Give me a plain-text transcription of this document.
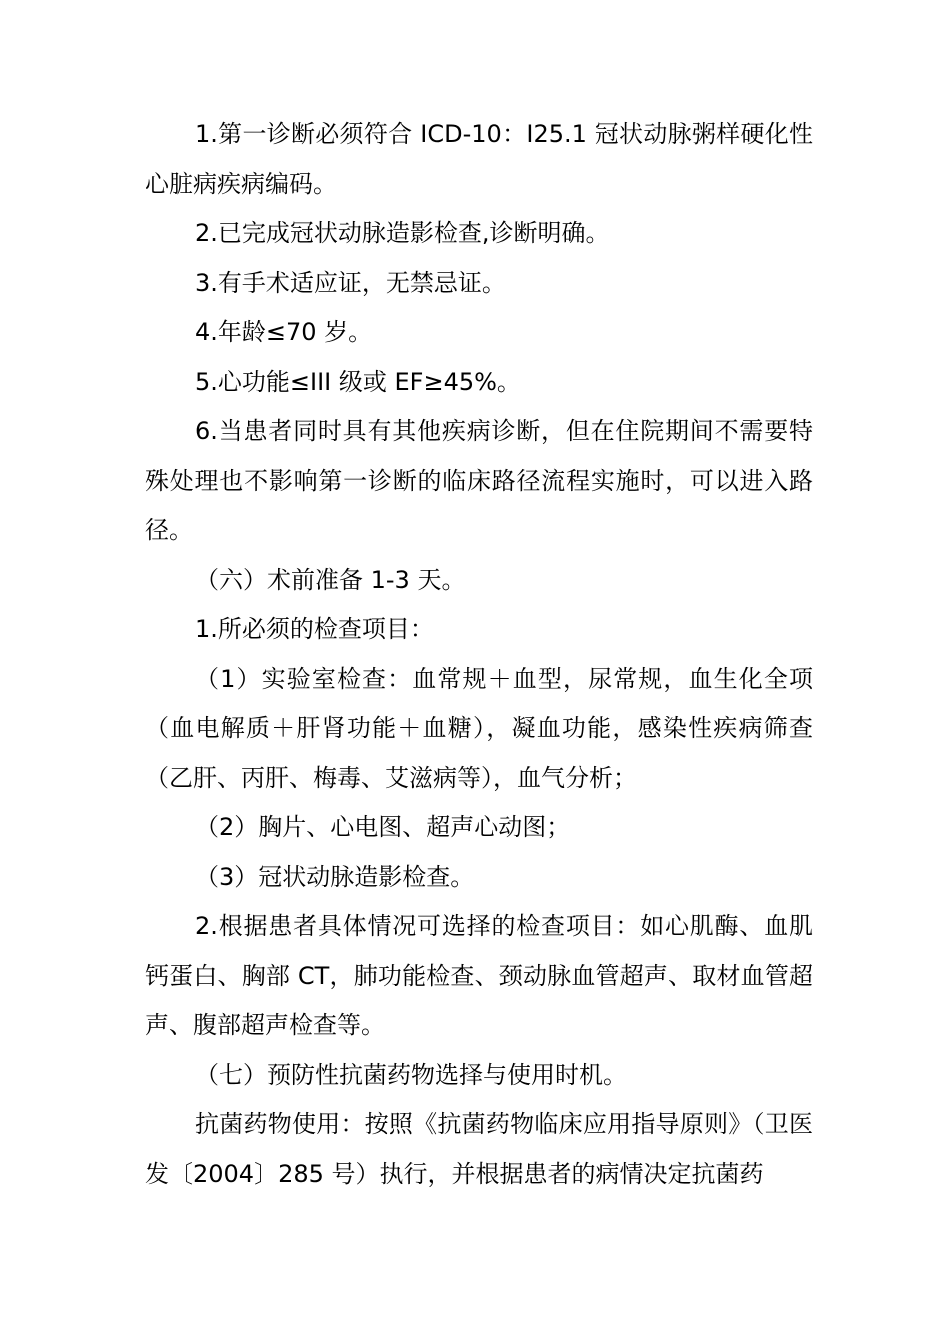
1.第一诊断必须符合 ICD-10：I25.1 冠状动脉粥样硬化性心脏病疾病编码。

2.已完成冠状动脉造影检查,诊断明确。

3.有手术适应证，无禁忌证。

4.年龄≤70 岁。

5.心功能≤III 级或 EF≥45%。

6.当患者同时具有其他疾病诊断，但在住院期间不需要特殊处理也不影响第一诊断的临床路径流程实施时，可以进入路径。

（六）术前准备 1-3 天。

1.所必须的检查项目：

（1）实验室检查：血常规＋血型，尿常规，血生化全项（血电解质＋肝肾功能＋血糖），凝血功能，感染性疾病筛查（乙肝、丙肝、梅毒、艾滋病等），血气分析；

（2）胸片、心电图、超声心动图；

（3）冠状动脉造影检查。

2.根据患者具体情况可选择的检查项目：如心肌酶、血肌钙蛋白、胸部 CT，肺功能检查、颈动脉血管超声、取材血管超声、腹部超声检查等。

（七）预防性抗菌药物选择与使用时机。

抗菌药物使用：按照《抗菌药物临床应用指导原则》（卫医发〔2004〕285 号）执行，并根据患者的病情决定抗菌药
